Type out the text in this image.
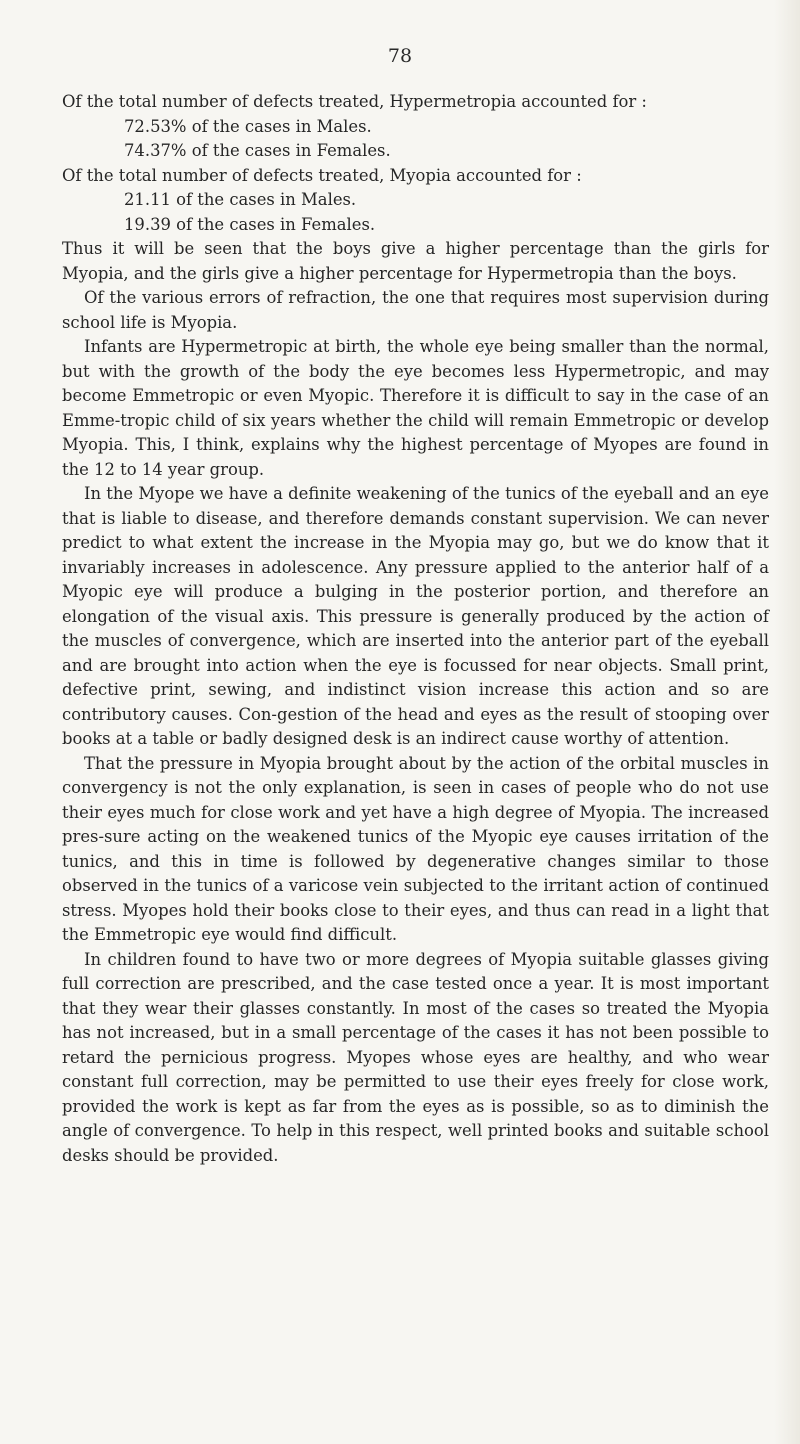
78

Of the total number of defects treated, Hypermetropia accounted for :

72.53% of the cases in Males.

74.37% of the cases in Females.

Of the total number of defects treated, Myopia accounted for :

21.11 of the cases in Males.

19.39 of the cases in Females.

Thus it will be seen that the boys give a higher percentage than the girls for Myopia, and the girls give a higher percentage for Hypermetropia than the boys.

Of the various errors of refraction, the one that requires most supervision during school life is Myopia.

Infants are Hypermetropic at birth, the whole eye being smaller than the normal, but with the growth of the body the eye becomes less Hypermetropic, and may become Emmetropic or even Myopic. Therefore it is difficult to say in the case of an Emme-tropic child of six years whether the child will remain Emmetropic or develop Myopia. This, I think, explains why the highest percentage of Myopes are found in the 12 to 14 year group.

In the Myope we have a definite weakening of the tunics of the eyeball and an eye that is liable to disease, and therefore demands constant supervision. We can never predict to what extent the increase in the Myopia may go, but we do know that it invariably increases in adolescence. Any pressure applied to the anterior half of a Myopic eye will produce a bulging in the posterior portion, and therefore an elongation of the visual axis. This pressure is generally produced by the action of the muscles of convergence, which are inserted into the anterior part of the eyeball and are brought into action when the eye is focussed for near objects. Small print, defective print, sewing, and indistinct vision increase this action and so are contributory causes. Con-gestion of the head and eyes as the result of stooping over books at a table or badly designed desk is an indirect cause worthy of attention.

That the pressure in Myopia brought about by the action of the orbital muscles in convergency is not the only explanation, is seen in cases of people who do not use their eyes much for close work and yet have a high degree of Myopia. The increased pres-sure acting on the weakened tunics of the Myopic eye causes irritation of the tunics, and this in time is followed by degenerative changes similar to those observed in the tunics of a varicose vein subjected to the irritant action of continued stress. Myopes hold their books close to their eyes, and thus can read in a light that the Emmetropic eye would find difficult.

In children found to have two or more degrees of Myopia suitable glasses giving full correction are prescribed, and the case tested once a year. It is most important that they wear their glasses constantly. In most of the cases so treated the Myopia has not increased, but in a small percentage of the cases it has not been possible to retard the pernicious progress. Myopes whose eyes are healthy, and who wear constant full correction, may be permitted to use their eyes freely for close work, provided the work is kept as far from the eyes as is possible, so as to diminish the angle of convergence. To help in this respect, well printed books and suitable school desks should be provided.
